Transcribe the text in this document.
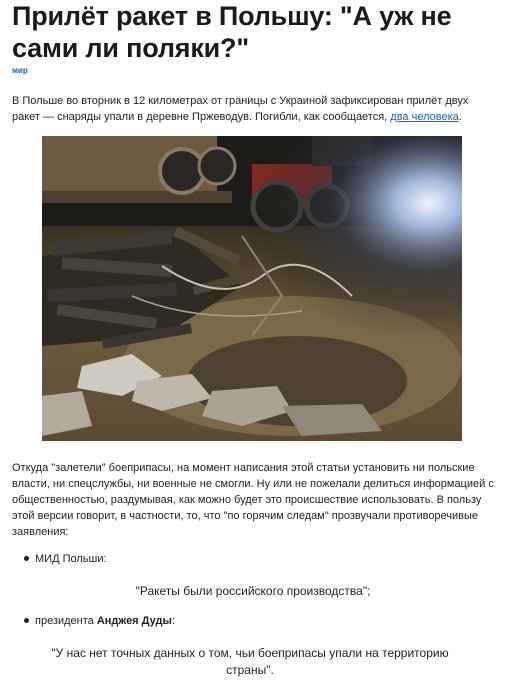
Прилёт ракет в Польшу: "А уж не сами ли поляки?"
мир

В Польше во вторник в 12 километрах от границы с Украиной зафиксирован прилёт двух ракет — снаряды упали в деревне Пржеводув. Погибли, как сообщается, два человека.

Откуда "залетели" боеприпасы, на момент написания этой статьи установить ни польские власти, ни спецслужбы, ни военные не смогли. Ну или не пожелали делиться информацией с общественностью, раздумывая, как можно будет это происшествие использовать. В пользу этой версии говорит, в частности, то, что "по горячим следам" прозвучали противоречивые заявления:

МИД Польши:
"Ракеты были российского производства";
президента Анджея Дуды:
"У нас нет точных данных о том, чьи боеприпасы упали на территорию страны".
